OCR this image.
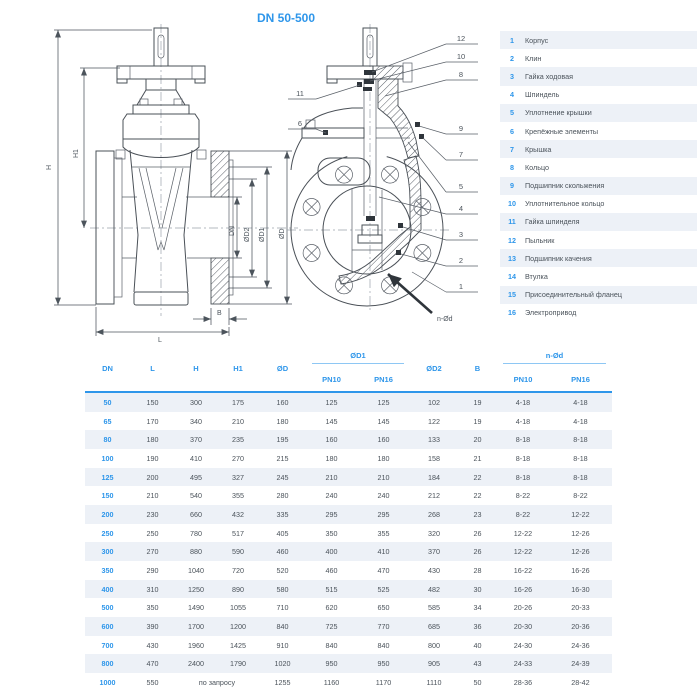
DN 50-500
H
H1
DN ØD2 ØD1 ØD
B
L
12
10
8
9
7
5
4
3
2
1
11
6
n-Ød
1	Корпус
2	Клин
3	Гайка ходовая
4	Шпиндель
5	Уплотнение крышки
6	Крепёжные элементы
7	Крышка
8	Кольцо
9	Подшипник скольжения
10	Уплотнительное кольцо
11	Гайка шпинделя
12	Пыльник
13	Подшипник качения
14	Втулка
15	Присоединительный фланец
16	Электропривод
DN	L	H	H1	ØD
ØD1
PN10	PN16
ØD2	B
n-Ød
PN10	PN16
50	150	300	175	160	125	125	102	19	4-18	4-18
65	170	340	210	180	145	145	122	19	4-18	4-18
80	180	370	235	195	160	160	133	20	8-18	8-18
100	190	410	270	215	180	180	158	21	8-18	8-18
125	200	495	327	245	210	210	184	22	8-18	8-18
150	210	540	355	280	240	240	212	22	8-22	8-22
200	230	660	432	335	295	295	268	23	8-22	12-22
250	250	780	517	405	350	355	320	26	12-22	12-26
300	270	880	590	460	400	410	370	26	12-22	12-26
350	290	1040	720	520	460	470	430	28	16-22	16-26
400	310	1250	890	580	515	525	482	30	16-26	16-30
500	350	1490	1055	710	620	650	585	34	20-26	20-33
600	390	1700	1200	840	725	770	685	36	20-30	20-36
700	430	1960	1425	910	840	840	800	40	24-30	24-36
800	470	2400	1790	1020	950	950	905	43	24-33	24-39
1000	550	по запросу	1255	1160	1170	1110	50	28-36	28-42
